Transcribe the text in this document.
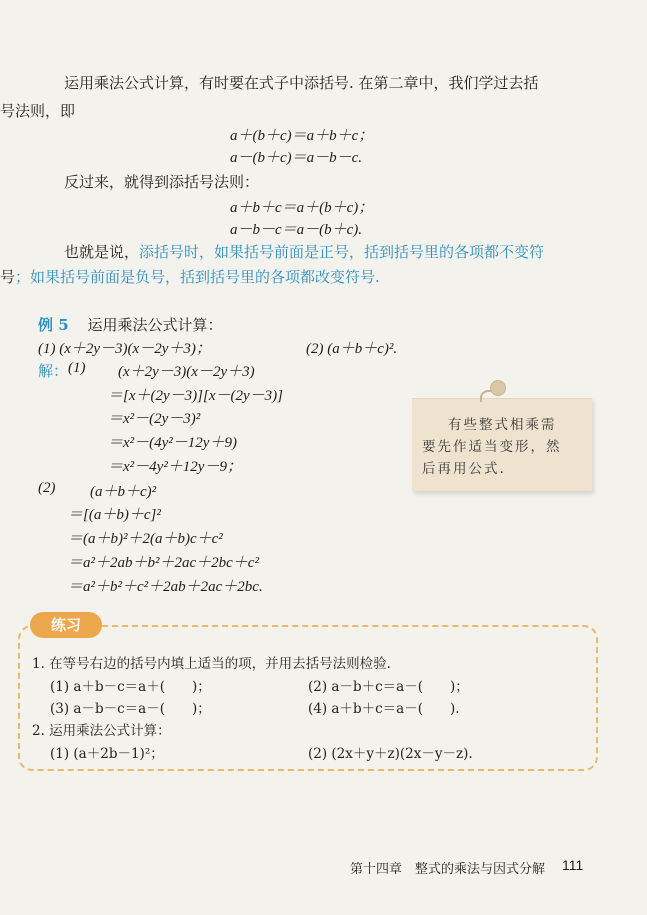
运用乘法公式计算，有时要在式子中添括号. 在第二章中，我们学过去括
号 法则，即
a＋(b＋c)＝a＋b＋c；
a－(b＋c)＝a－b－c.
反过来，就得到添括号法则：
a＋b＋c＝a＋(b＋c)；
a－b－c＝a－(b＋c).
也就是说，添括号时，如果括号前面是正号，括到括号里的各项都不变符
号 ；如果括号前面是负号，括到括号里的各项都改变符号.
例 5 运用乘法公式计算：
(1) (x＋2y－3)(x－2y＋3)；	(2) (a＋b＋c)².
解： (1) (x＋2y－3)(x－2y＋3)
＝[x＋(2y－3)][x－(2y－3)]
＝x²－(2y－3)²
＝x²－(4y²－12y＋9)
＝x²－4y²＋12y－9；
(2) (a＋b＋c)²
＝[(a＋b)＋c]²
＝(a＋b)²＋2(a＋b)c＋c²
＝a²＋2ab＋b²＋2ac＋2bc＋c²
＝a²＋b²＋c²＋2ab＋2ac＋2bc.
有些整式相乘需
要先作适当变形，然
后再用公式.
练习
1. 在等号右边的括号内填上适当的项，并用去括号法则检验.
(1) a＋b－c＝a＋(　　)；	(2) a－b＋c＝a－(　　)；
(3) a－b－c＝a－(　　)；	(4) a＋b＋c＝a－(　　).
2. 运用乘法公式计算：
(1) (a＋2b－1)²；	(2) (2x＋y＋z)(2x－y－z).
第十四章　整式的乘法与因式分解 111
